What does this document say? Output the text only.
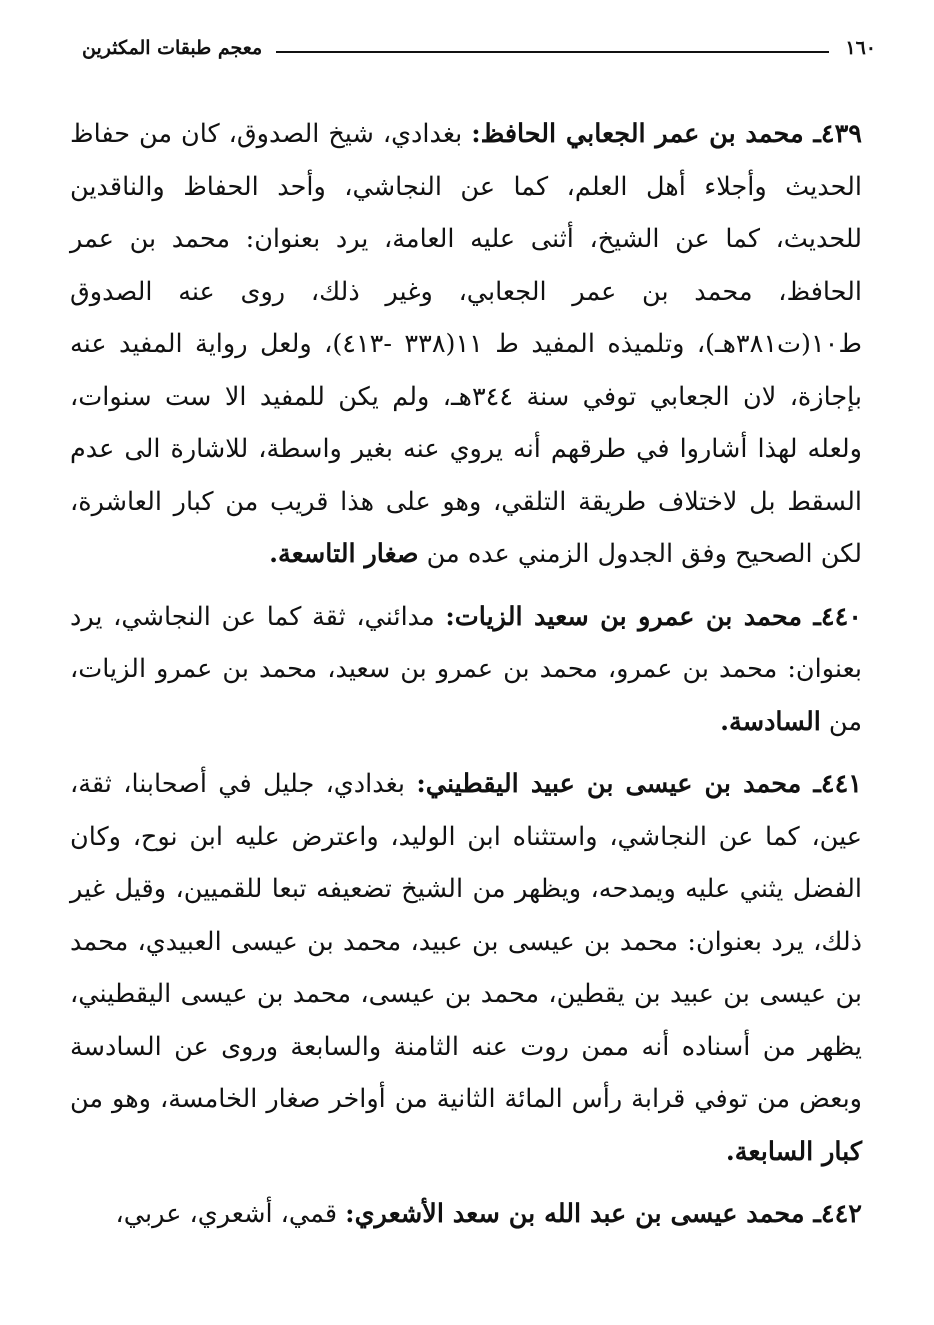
١٦٠
معجم طبقات المكثرين

٤٣٩ـ محمد بن عمر الجعابي الحافظ: بغدادي، شيخ الصدوق، كان من حفاظ الحديث وأجلاء أهل العلم، كما عن النجاشي، وأحد الحفاظ والناقدين للحديث، كما عن الشيخ، أثنى عليه العامة، يرد بعنوان: محمد بن عمر الحافظ، محمد بن عمر الجعابي، وغير ذلك، روى عنه الصدوق ط١٠(ت٣٨١هـ)، وتلميذه المفيد ط ١١(٣٣٨ -٤١٣)، ولعل رواية المفيد عنه بإجازة، لان الجعابي توفي سنة ٣٤٤هـ، ولم يكن للمفيد الا ست سنوات، ولعله لهذا أشاروا في طرقهم أنه يروي عنه بغير واسطة، للاشارة الى عدم السقط بل لاختلاف طريقة التلقي، وهو على هذا قريب من كبار العاشرة، لكن الصحيح وفق الجدول الزمني عده من صغار التاسعة.

٤٤٠ـ محمد بن عمرو بن سعيد الزيات: مدائني، ثقة كما عن النجاشي، يرد بعنوان: محمد بن عمرو، محمد بن عمرو بن سعيد، محمد بن عمرو الزيات، من السادسة.

٤٤١ـ محمد بن عيسى بن عبيد اليقطيني: بغدادي، جليل في أصحابنا، ثقة، عين، كما عن النجاشي، واستثناه ابن الوليد، واعترض عليه ابن نوح، وكان الفضل يثني عليه ويمدحه، ويظهر من الشيخ تضعيفه تبعا للقميين، وقيل غير ذلك، يرد بعنوان: محمد بن عيسى بن عبيد، محمد بن عيسى العبيدي، محمد بن عيسى بن عبيد بن يقطين، محمد بن عيسى، محمد بن عيسى اليقطيني، يظهر من أسناده أنه ممن روت عنه الثامنة والسابعة وروى عن السادسة وبعض من توفي قرابة رأس المائة الثانية من أواخر صغار الخامسة، وهو من كبار السابعة.

٤٤٢ـ محمد عيسى بن عبد الله بن سعد الأشعري: قمي، أشعري، عربي،
